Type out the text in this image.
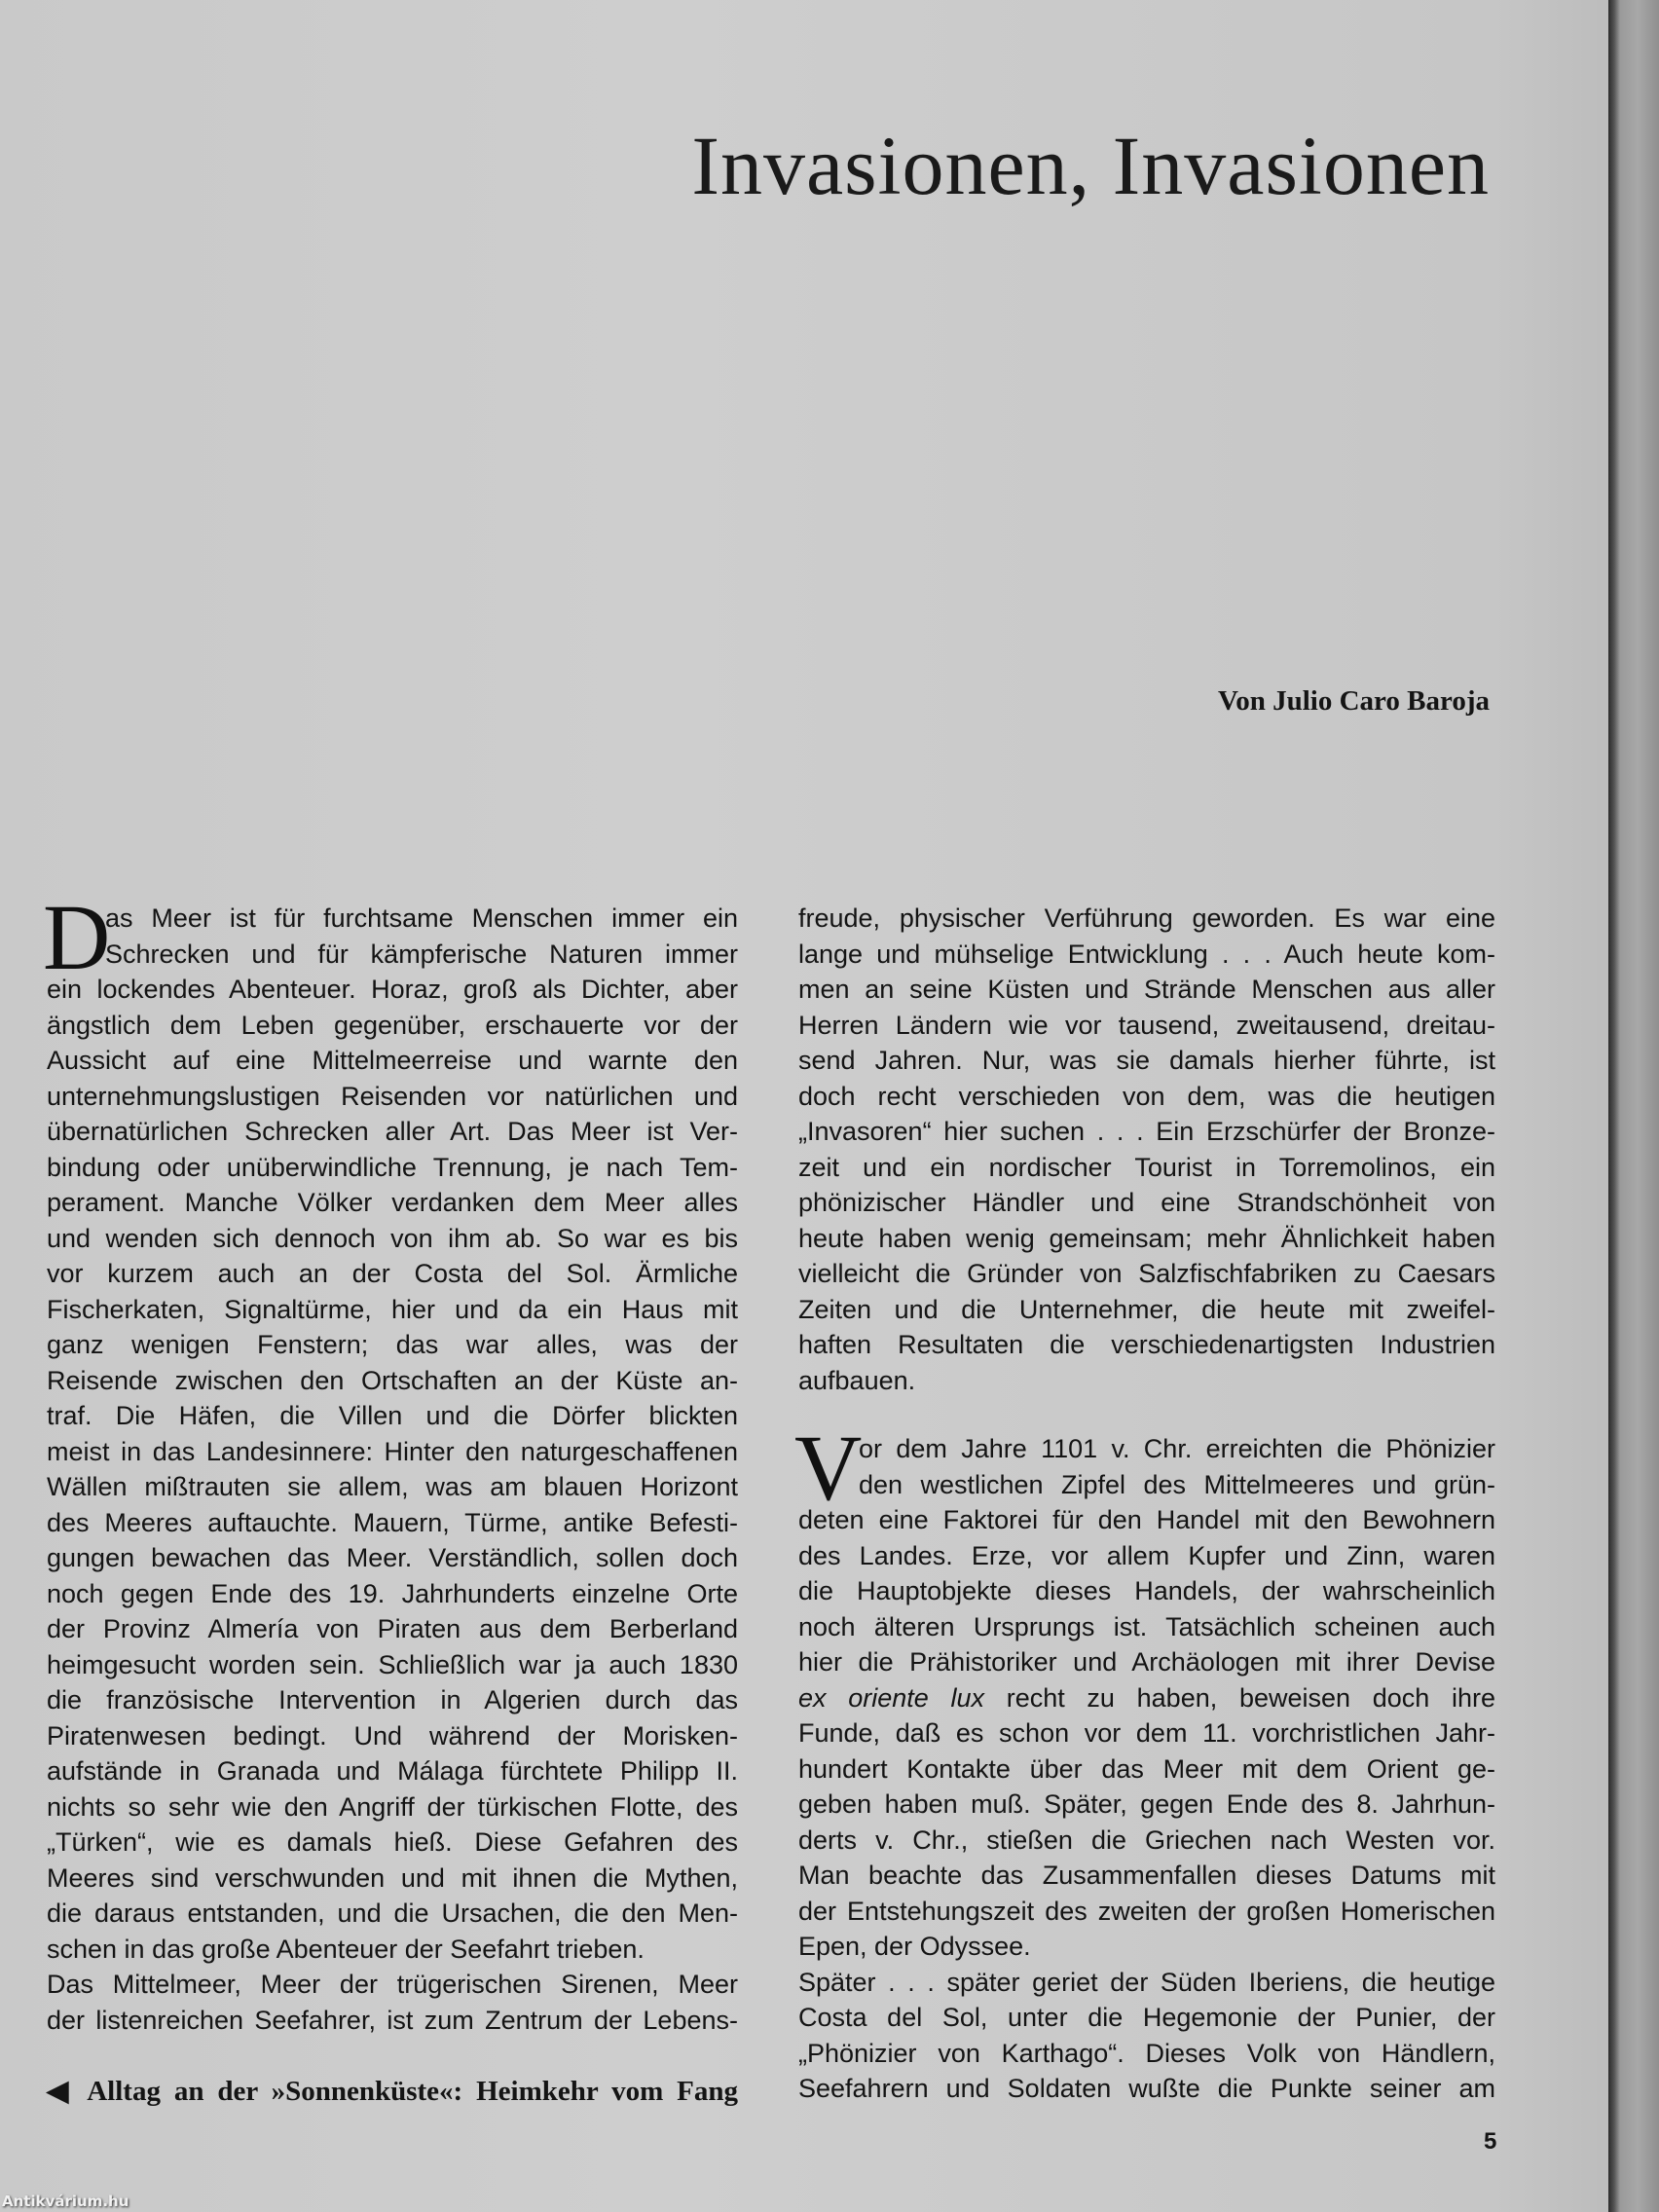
Invasionen, Invasionen
Von Julio Caro Baroja
D
as Meer ist für furchtsame Menschen immer ein
Schrecken und für kämpferische Naturen immer
ein lockendes Abenteuer. Horaz, groß als Dichter, aber
ängstlich dem Leben gegenüber, erschauerte vor der
Aussicht auf eine Mittelmeerreise und warnte den
unternehmungslustigen Reisenden vor natürlichen und
übernatürlichen Schrecken aller Art. Das Meer ist Ver-
bindung oder unüberwindliche Trennung, je nach Tem-
perament. Manche Völker verdanken dem Meer alles
und wenden sich dennoch von ihm ab. So war es bis
vor kurzem auch an der Costa del Sol. Ärmliche
Fischerkaten, Signaltürme, hier und da ein Haus mit
ganz wenigen Fenstern; das war alles, was der
Reisende zwischen den Ortschaften an der Küste an-
traf. Die Häfen, die Villen und die Dörfer blickten
meist in das Landesinnere: Hinter den naturgeschaffenen
Wällen mißtrauten sie allem, was am blauen Horizont
des Meeres auftauchte. Mauern, Türme, antike Befesti-
gungen bewachen das Meer. Verständlich, sollen doch
noch gegen Ende des 19. Jahrhunderts einzelne Orte
der Provinz Almería von Piraten aus dem Berberland
heimgesucht worden sein. Schließlich war ja auch 1830
die französische Intervention in Algerien durch das
Piratenwesen bedingt. Und während der Morisken-
aufstände in Granada und Málaga fürchtete Philipp II.
nichts so sehr wie den Angriff der türkischen Flotte, des
„Türken“, wie es damals hieß. Diese Gefahren des
Meeres sind verschwunden und mit ihnen die Mythen,
die daraus entstanden, und die Ursachen, die den Men-
schen in das große Abenteuer der Seefahrt trieben.
Das Mittelmeer, Meer der trügerischen Sirenen, Meer
der listenreichen Seefahrer, ist zum Zentrum der Lebens-
freude, physischer Verführung geworden. Es war eine
lange und mühselige Entwicklung . . . Auch heute kom-
men an seine Küsten und Strände Menschen aus aller
Herren Ländern wie vor tausend, zweitausend, dreitau-
send Jahren. Nur, was sie damals hierher führte, ist
doch recht verschieden von dem, was die heutigen
„Invasoren“ hier suchen . . . Ein Erzschürfer der Bronze-
zeit und ein nordischer Tourist in Torremolinos, ein
phönizischer Händler und eine Strandschönheit von
heute haben wenig gemeinsam; mehr Ähnlichkeit haben
vielleicht die Gründer von Salzfischfabriken zu Caesars
Zeiten und die Unternehmer, die heute mit zweifel-
haften Resultaten die verschiedenartigsten Industrien
aufbauen.
V
or dem Jahre 1101 v. Chr. erreichten die Phönizier
den westlichen Zipfel des Mittelmeeres und grün-
deten eine Faktorei für den Handel mit den Bewohnern
des Landes. Erze, vor allem Kupfer und Zinn, waren
die Hauptobjekte dieses Handels, der wahrscheinlich
noch älteren Ursprungs ist. Tatsächlich scheinen auch
hier die Prähistoriker und Archäologen mit ihrer Devise
ex oriente lux recht zu haben, beweisen doch ihre
Funde, daß es schon vor dem 11. vorchristlichen Jahr-
hundert Kontakte über das Meer mit dem Orient ge-
geben haben muß. Später, gegen Ende des 8. Jahrhun-
derts v. Chr., stießen die Griechen nach Westen vor.
Man beachte das Zusammenfallen dieses Datums mit
der Entstehungszeit des zweiten der großen Homerischen
Epen, der Odyssee.
Später . . . später geriet der Süden Iberiens, die heutige
Costa del Sol, unter die Hegemonie der Punier, der
„Phönizier von Karthago“. Dieses Volk von Händlern,
Seefahrern und Soldaten wußte die Punkte seiner am
◀ Alltag an der »Sonnenküste«: Heimkehr vom Fang
5
Antikvárium.hu
